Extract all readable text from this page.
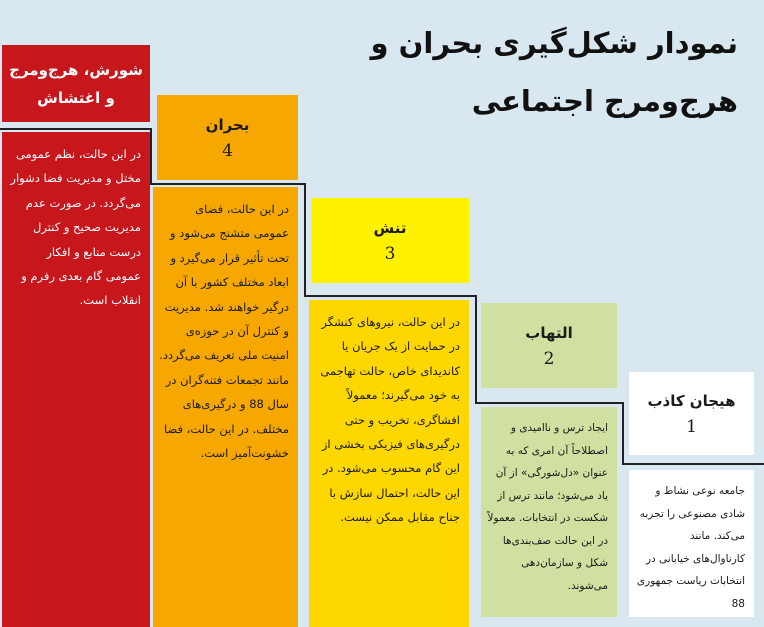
نمودار شکل‌گیری بحران و
هرج‌ومرج اجتماعی
شورش، هرج‌ومرج
و اغتشاش
در این حالت، نظم عمومی مختل و مدیریت فضا دشوار می‌گردد. در صورت عدم مدیریت صحیح و کنترل درست منابع و افکار عمومی گام بعدی رفرم و انقلاب است.
بحران
4
در این حالت، فضای عمومی متشنج می‌شود و تحت تأثیر قرار می‌گیرد و ابعاد مختلف کشور با آن درگیر خواهند شد. مدیریت و کنترل آن در حوزه‌ی امنیت ملی تعریف می‌گردد. مانند تجمعات فتنه‌گران در سال 88 و درگیری‌های مختلف. در این حالت، فضا خشونت‌آمیز است.
تنش
3
در این حالت، نیروهای کنشگر در حمایت از یک جریان یا کاندیدای خاص، حالت تهاجمی به خود می‌گیرند؛ معمولاً افشاگری، تخریب و حتی درگیری‌های فیزیکی بخشی از این گام محسوب می‌شود. در این حالت، احتمال سازش با جناح مقابل ممکن نیست.
التهاب
2
ایجاد ترس و ناامیدی و اصطلاحاً آن امری که به عنوان «دل‌شورگی» از آن یاد می‌شود؛ مانند ترس از شکست در انتخابات. معمولاً در این حالت صف‌بندی‌ها شکل و سازمان‌دهی می‌شوند.
هیجان کاذب
1
جامعه نوعی نشاط و شادی مصنوعی را تجربه می‌کند. مانند کارناوال‌های خیابانی در انتخابات ریاست جمهوری 88
